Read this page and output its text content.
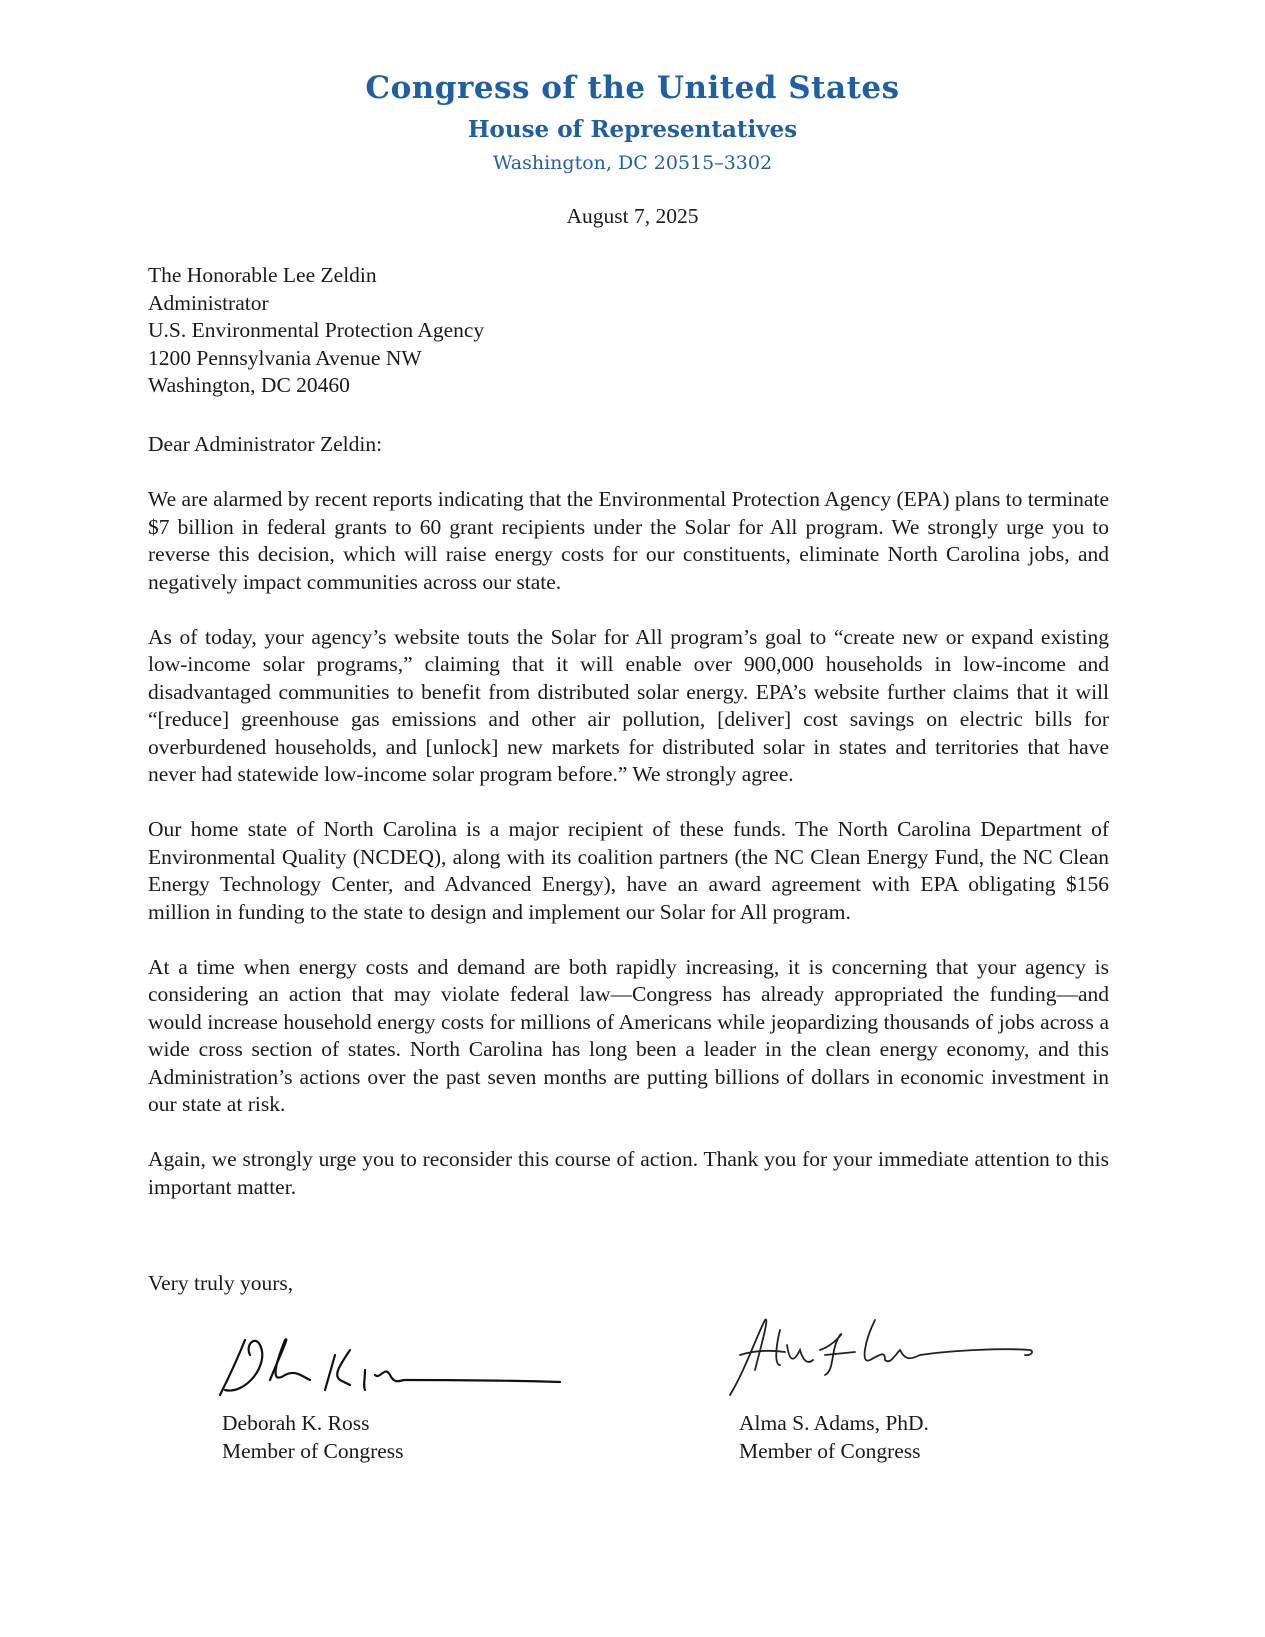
Congress of the United States
House of Representatives
Washington, DC 20515–3302
August 7, 2025
The Honorable Lee Zeldin
Administrator
U.S. Environmental Protection Agency
1200 Pennsylvania Avenue NW
Washington, DC 20460
Dear Administrator Zeldin:

We are alarmed by recent reports indicating that the Environmental Protection Agency (EPA) plans to terminate $7 billion in federal grants to 60 grant recipients under the Solar for All program. We strongly urge you to reverse this decision, which will raise energy costs for our constituents, eliminate North Carolina jobs, and negatively impact communities across our state.

As of today, your agency’s website touts the Solar for All program’s goal to “create new or expand existing low-income solar programs,” claiming that it will enable over 900,000 households in low-income and disadvantaged communities to benefit from distributed solar energy. EPA’s website further claims that it will “[reduce] greenhouse gas emissions and other air pollution, [deliver] cost savings on electric bills for overburdened households, and [unlock] new markets for distributed solar in states and territories that have never had statewide low-income solar program before.” We strongly agree.

Our home state of North Carolina is a major recipient of these funds. The North Carolina Department of Environmental Quality (NCDEQ), along with its coalition partners (the NC Clean Energy Fund, the NC Clean Energy Technology Center, and Advanced Energy), have an award agreement with EPA obligating $156 million in funding to the state to design and implement our Solar for All program.

At a time when energy costs and demand are both rapidly increasing, it is concerning that your agency is considering an action that may violate federal law—Congress has already appropriated the funding—and would increase household energy costs for millions of Americans while jeopardizing thousands of jobs across a wide cross section of states. North Carolina has long been a leader in the clean energy economy, and this Administration’s actions over the past seven months are putting billions of dollars in economic investment in our state at risk.

Again, we strongly urge you to reconsider this course of action. Thank you for your immediate attention to this important matter.

Very truly yours,
Deborah K. Ross
Member of Congress
Alma S. Adams, PhD.
Member of Congress
